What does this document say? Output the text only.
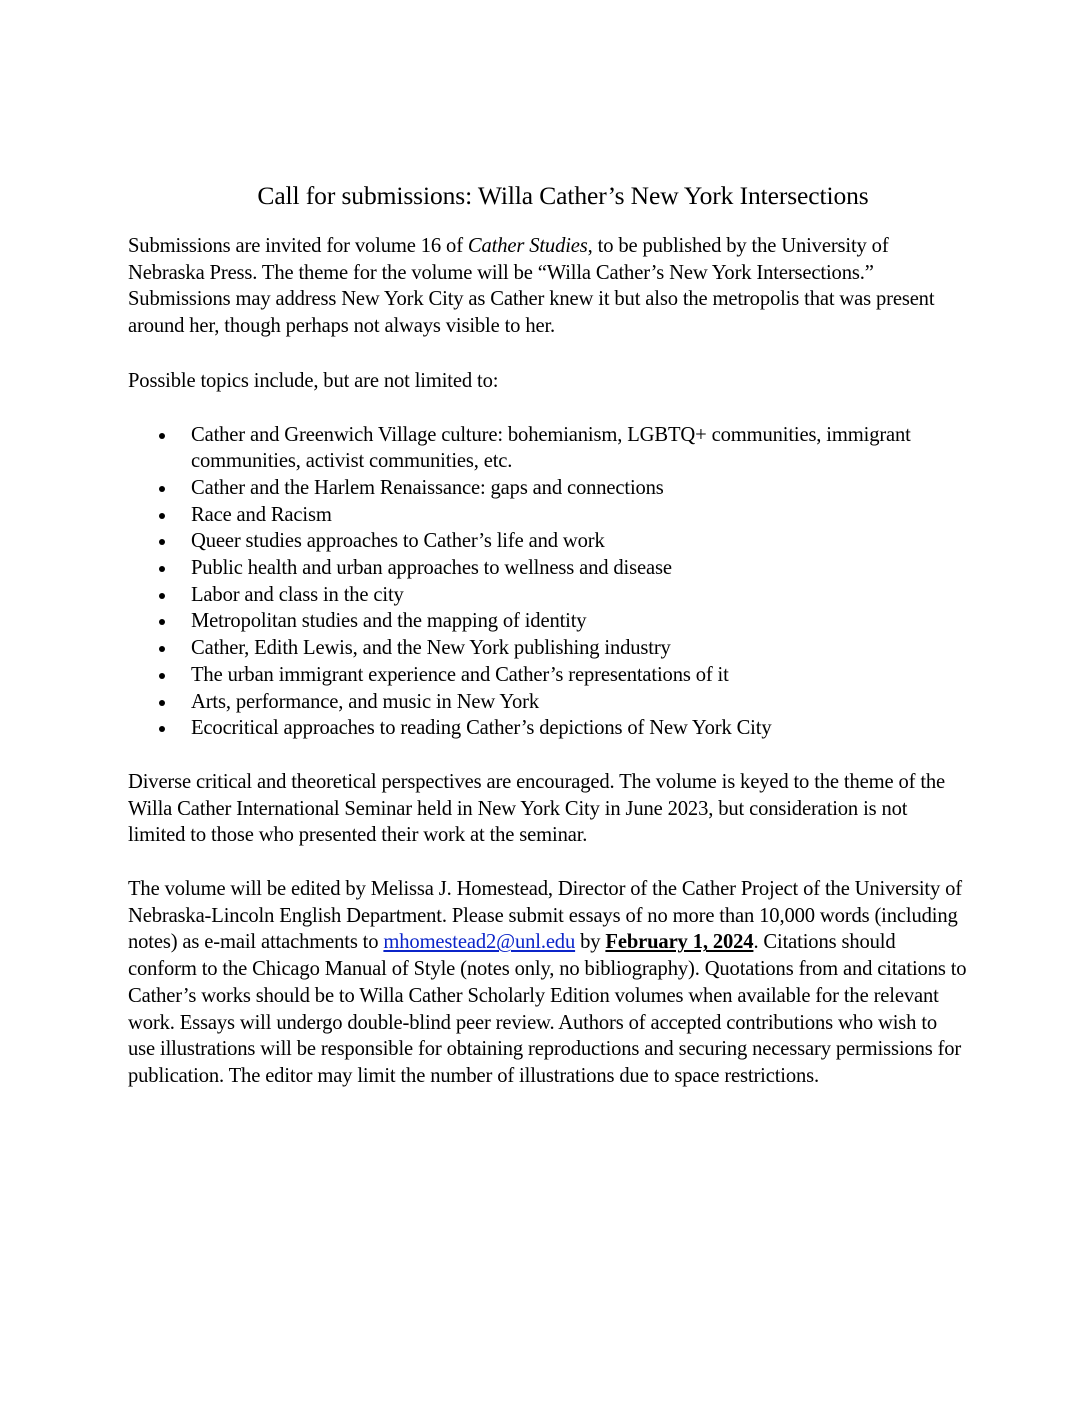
Call for submissions: Willa Cather’s New York Intersections

Submissions are invited for volume 16 of Cather Studies, to be published by the University of Nebraska Press. The theme for the volume will be “Willa Cather’s New York Intersections.” Submissions may address New York City as Cather knew it but also the metropolis that was present around her, though perhaps not always visible to her.

Possible topics include, but are not limited to:

Cather and Greenwich Village culture: bohemianism, LGBTQ+ communities, immigrant communities, activist communities, etc.
Cather and the Harlem Renaissance: gaps and connections
Race and Racism
Queer studies approaches to Cather’s life and work
Public health and urban approaches to wellness and disease
Labor and class in the city
Metropolitan studies and the mapping of identity
Cather, Edith Lewis, and the New York publishing industry
The urban immigrant experience and Cather’s representations of it
Arts, performance, and music in New York
Ecocritical approaches to reading Cather’s depictions of New York City

Diverse critical and theoretical perspectives are encouraged. The volume is keyed to the theme of the Willa Cather International Seminar held in New York City in June 2023, but consideration is not limited to those who presented their work at the seminar.

The volume will be edited by Melissa J. Homestead, Director of the Cather Project of the University of Nebraska-Lincoln English Department. Please submit essays of no more than 10,000 words (including notes) as e-mail attachments to mhomestead2@unl.edu by February 1, 2024. Citations should conform to the Chicago Manual of Style (notes only, no bibliography). Quotations from and citations to Cather’s works should be to Willa Cather Scholarly Edition volumes when available for the relevant work. Essays will undergo double-blind peer review. Authors of accepted contributions who wish to use illustrations will be responsible for obtaining reproductions and securing necessary permissions for publication. The editor may limit the number of illustrations due to space restrictions.
